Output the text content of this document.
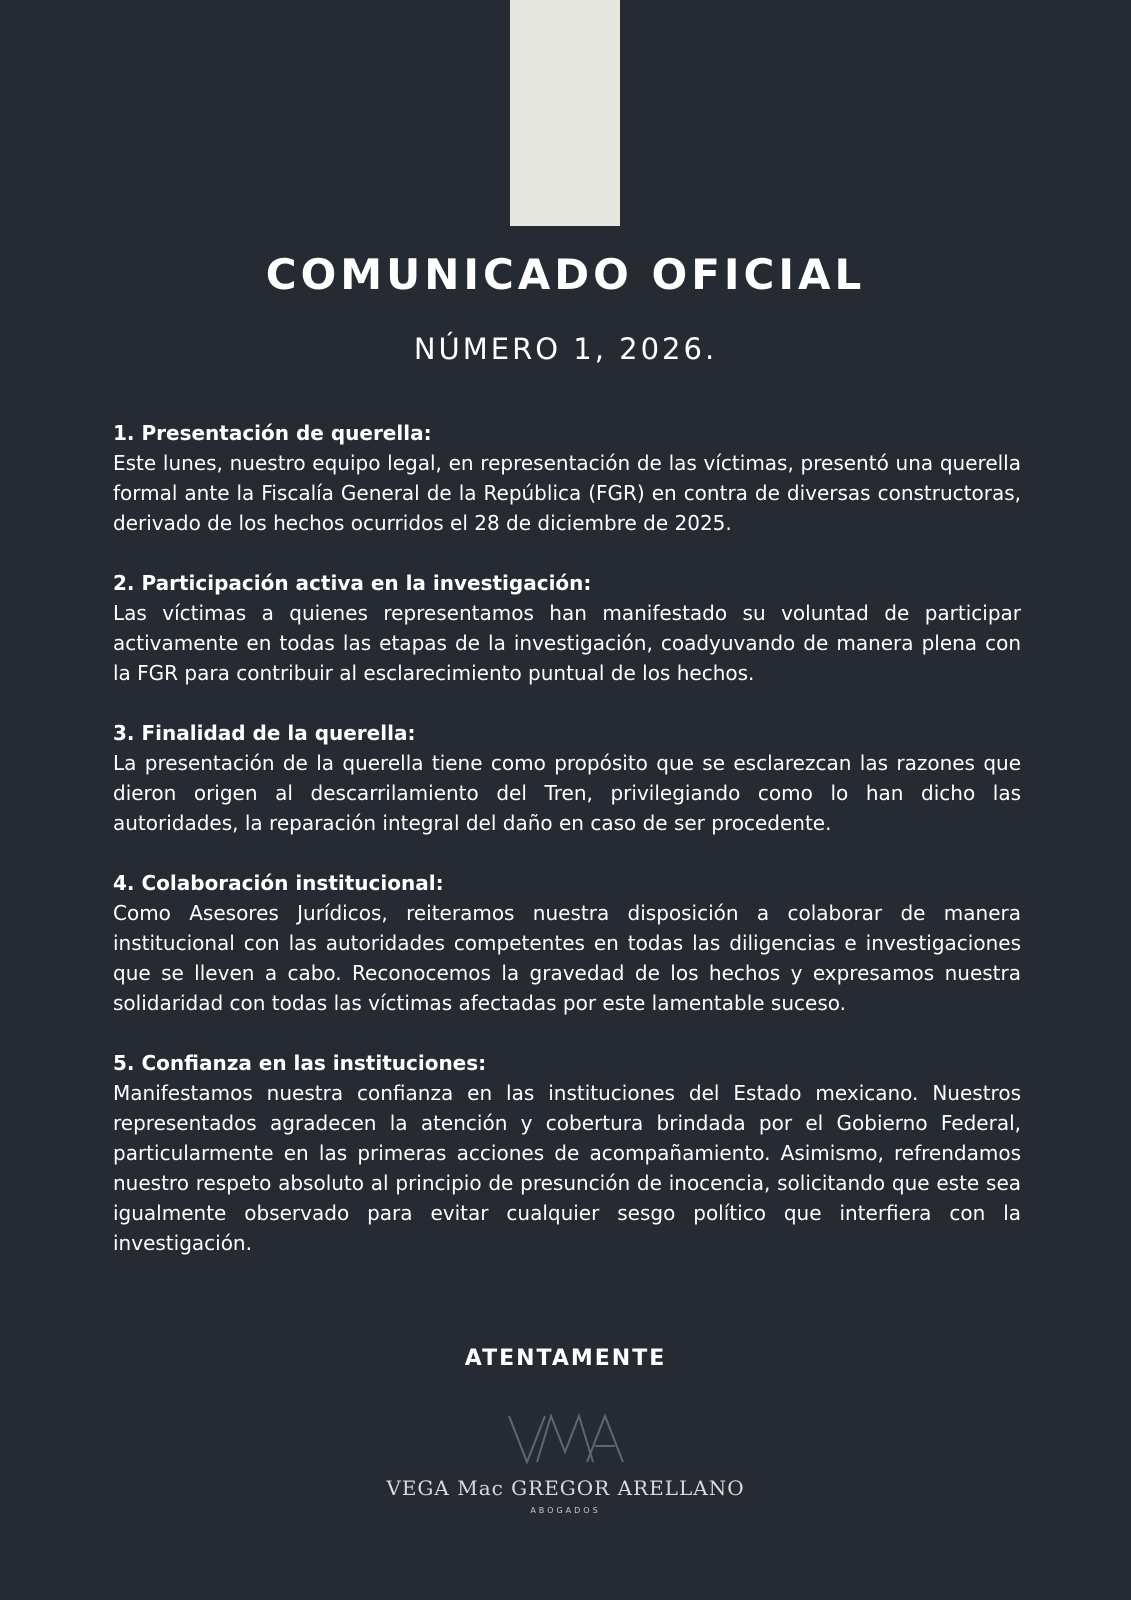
COMUNICADO OFICIAL
NÚMERO 1, 2026.
1. Presentación de querella:
Este lunes, nuestro equipo legal, en representación de las víctimas, presentó una querella formal ante la Fiscalía General de la República (FGR) en contra de diversas constructoras, derivado de los hechos ocurridos el 28 de diciembre de 2025.
2. Participación activa en la investigación:
Las víctimas a quienes representamos han manifestado su voluntad de participar activamente en todas las etapas de la investigación, coadyuvando de manera plena con la FGR para contribuir al esclarecimiento puntual de los hechos.
3. Finalidad de la querella:
La presentación de la querella tiene como propósito que se esclarezcan las razones que dieron origen al descarrilamiento del Tren, privilegiando como lo han dicho las autoridades, la reparación integral del daño en caso de ser procedente.
4. Colaboración institucional:
Como Asesores Jurídicos, reiteramos nuestra disposición a colaborar de manera institucional con las autoridades competentes en todas las diligencias e investigaciones que se lleven a cabo. Reconocemos la gravedad de los hechos y expresamos nuestra solidaridad con todas las víctimas afectadas por este lamentable suceso.
5. Confianza en las instituciones:
Manifestamos nuestra confianza en las instituciones del Estado mexicano. Nuestros representados agradecen la atención y cobertura brindada por el Gobierno Federal, particularmente en las primeras acciones de acompañamiento. Asimismo, refrendamos nuestro respeto absoluto al principio de presunción de inocencia, solicitando que este sea igualmente observado para evitar cualquier sesgo político que interfiera con la investigación.
ATENTAMENTE
VEGA Mac GREGOR ARELLANO
ABOGADOS
